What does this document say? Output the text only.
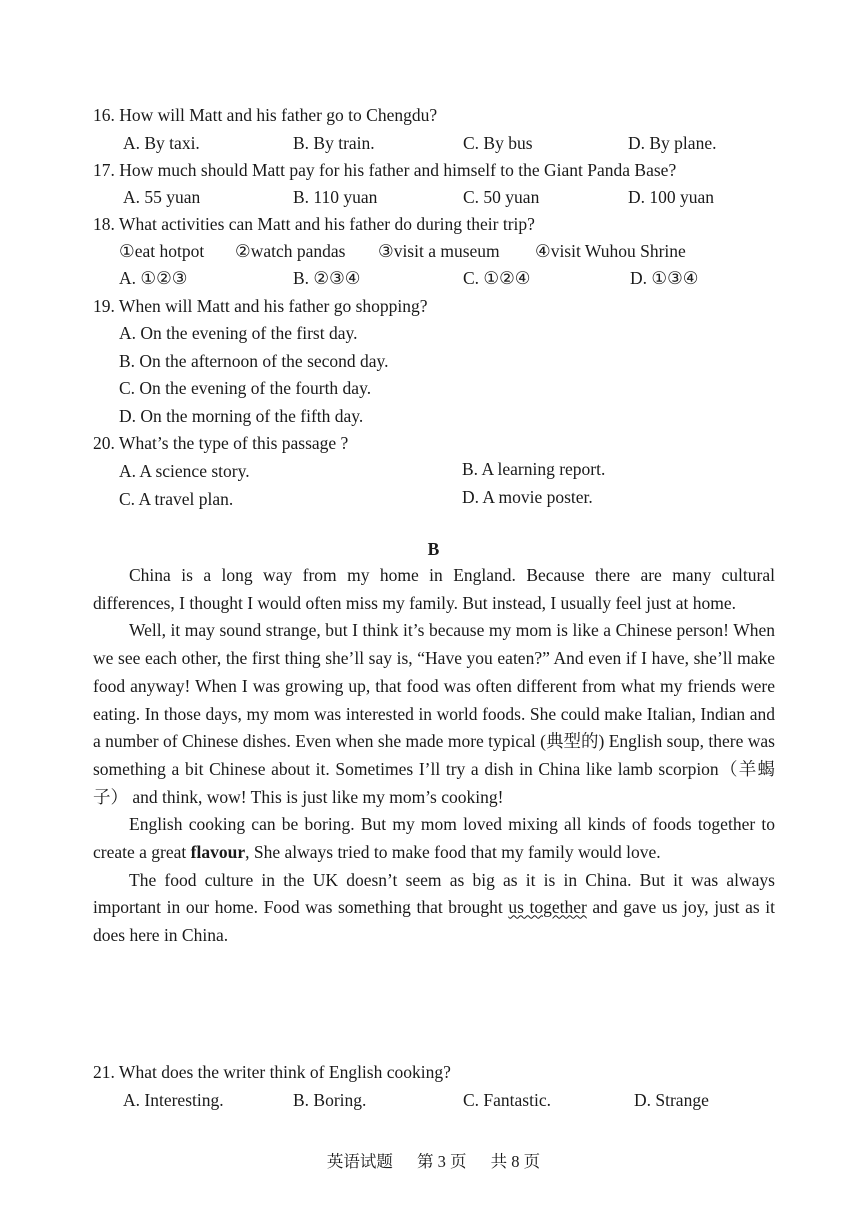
16. How will Matt and his father go to Chengdu?
A. By taxi.	B. By train.	C. By bus	D. By plane.
17. How much should Matt pay for his father and himself to the Giant Panda Base?
A. 55 yuan	B. 110 yuan	C. 50 yuan	D. 100 yuan
18. What activities can Matt and his father do during their trip?
①eat hotpot ②watch pandas ③visit a museum ④visit Wuhou Shrine
A. ①②③	B. ②③④	C. ①②④	D. ①③④
19. When will Matt and his father go shopping?
A. On the evening of the first day.
B. On the afternoon of the second day.
C. On the evening of the fourth day.
D. On the morning of the fifth day.
20. What’s the type of this passage ?
A. A science story.	B. A learning report.
C. A travel plan.	D. A movie poster.
B

China is a long way from my home in England. Because there are many cultural differences, I thought I would often miss my family. But instead, I usually feel just at home.

Well, it may sound strange, but I think it’s because my mom is like a Chinese person! When we see each other, the first thing she’ll say is, “Have you eaten?” And even if I have, she’ll make food anyway! When I was growing up, that food was often different from what my friends were eating. In those days, my mom was interested in world foods. She could make Italian, Indian and a number of Chinese dishes. Even when she made more typical (典型的) English soup, there was something a bit Chinese about it. Sometimes I’ll try a dish in China like lamb scorpion（羊蝎子） and think, wow! This is just like my mom’s cooking!

English cooking can be boring. But my mom loved mixing all kinds of foods together to create a great flavour, She always tried to make food that my family would love.

The food culture in the UK doesn’t seem as big as it is in China. But it was always important in our home. Food was something that brought us together and gave us joy, just as it does here in China.

21. What does the writer think of English cooking?
A. Interesting.	B. Boring.	C. Fantastic.	D. Strange
英语试题 第 3 页 共 8 页
